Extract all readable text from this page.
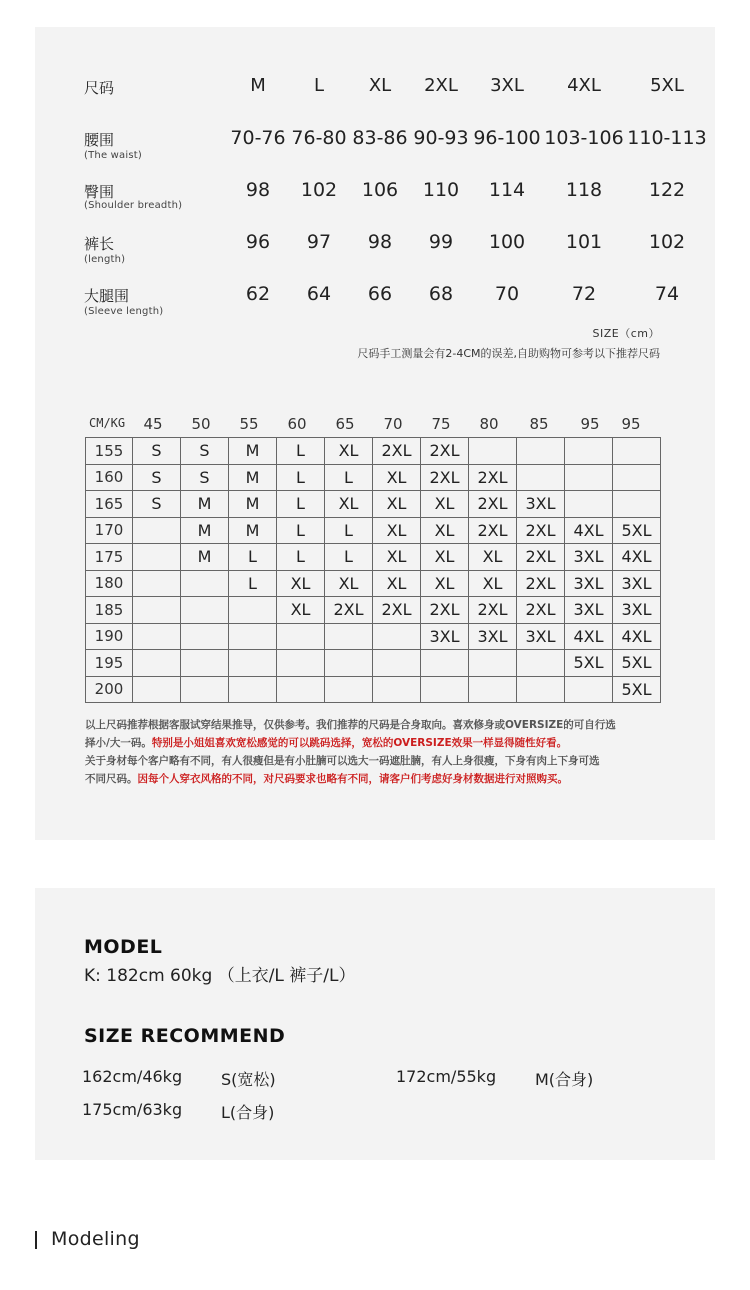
尺码	M	L	XL	2XL	3XL	4XL	5XL
腰围
(The waist)
70-76 76-80 83-86 90-93 96-100 103-106 110-113
臀围
(Shoulder breadth)
98	102	106	110	114	118	122
裤长
(length)
96	97	98	99	100	101	102
大腿围
(Sleeve length)
62	64	66	68	70	72	74
SIZE（cm）
尺码手工测量会有2-4CM的误差,自助购物可参考以下推荐尺码
CM/KG	45	50	55	60	65	70	75	80	85	95	95
155	S	S	M	L	XL	2XL	2XL				
160	S	S	M	L	L	XL	2XL	2XL			
165	S	M	M	L	XL	XL	XL	2XL	3XL		
170		M	M	L	L	XL	XL	2XL	2XL	4XL	5XL
175		M	L	L	L	XL	XL	XL	2XL	3XL	4XL
180			L	XL	XL	XL	XL	XL	2XL	3XL	3XL
185				XL	2XL	2XL	2XL	2XL	2XL	3XL	3XL
190							3XL	3XL	3XL	4XL	4XL
195										5XL	5XL
200											5XL
以上尺码推荐根据客服试穿结果推导，仅供参考。我们推荐的尺码是合身取向。喜欢修身或OVERSIZE的可自行选
择小/大一码。特别是小姐姐喜欢宽松感觉的可以跳码选择，宽松的OVERSIZE效果一样显得随性好看。
关于身材每个客户略有不同，有人很瘦但是有小肚腩可以选大一码遮肚腩，有人上身很瘦，下身有肉上下身可选
不同尺码。因每个人穿衣风格的不同，对尺码要求也略有不同，请客户们考虑好身材数据进行对照购买。
MODEL
K: 182cm 60kg （上衣/L 裤子/L）
SIZE RECOMMEND
162cm/46kg S(宽松)	172cm/55kg M(合身)
175cm/63kg L(合身)
Modeling
